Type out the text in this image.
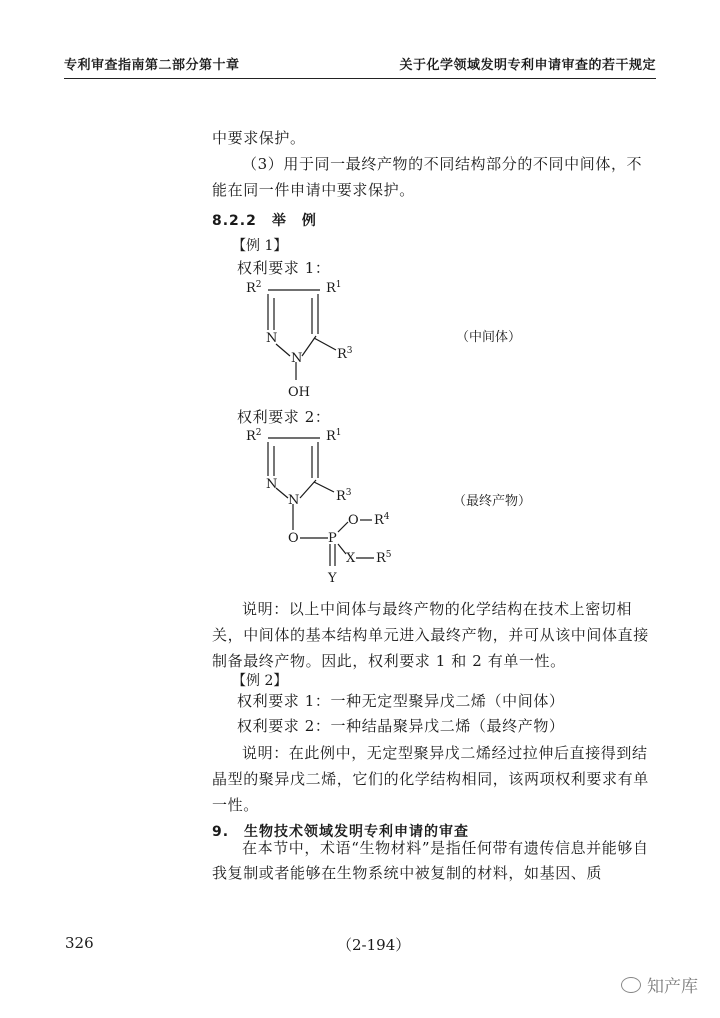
专利审查指南第二部分第十章	关于化学领域发明专利申请审查的若干规定
中要求保护。
（3）用于同一最终产物的不同结构部分的不同中间体，不能在同一件申请中要求保护。
8.2.2　举　例
【例 1】
权利要求 1：
$R^2$	$R^1$
N
N	$R^3$
OH
（中间体）
权利要求 2：
$R^2$	$R^1$
N
N	$R^3$
O P
O $R^4$
X $R^5$
Y
（最终产物）
说明：以上中间体与最终产物的化学结构在技术上密切相关，中间体的基本结构单元进入最终产物，并可从该中间体直接制备最终产物。因此，权利要求 1 和 2 有单一性。
【例 2】
权利要求 1：一种无定型聚异戊二烯（中间体）
权利要求 2：一种结晶聚异戊二烯（最终产物）
说明：在此例中，无定型聚异戊二烯经过拉伸后直接得到结晶型的聚异戊二烯，它们的化学结构相同，该两项权利要求有单一性。
9.　生物技术领域发明专利申请的审查
在本节中，术语“生物材料”是指任何带有遗传信息并能够自我复制或者能够在生物系统中被复制的材料，如基因、质
326	（2-194）
知产库
